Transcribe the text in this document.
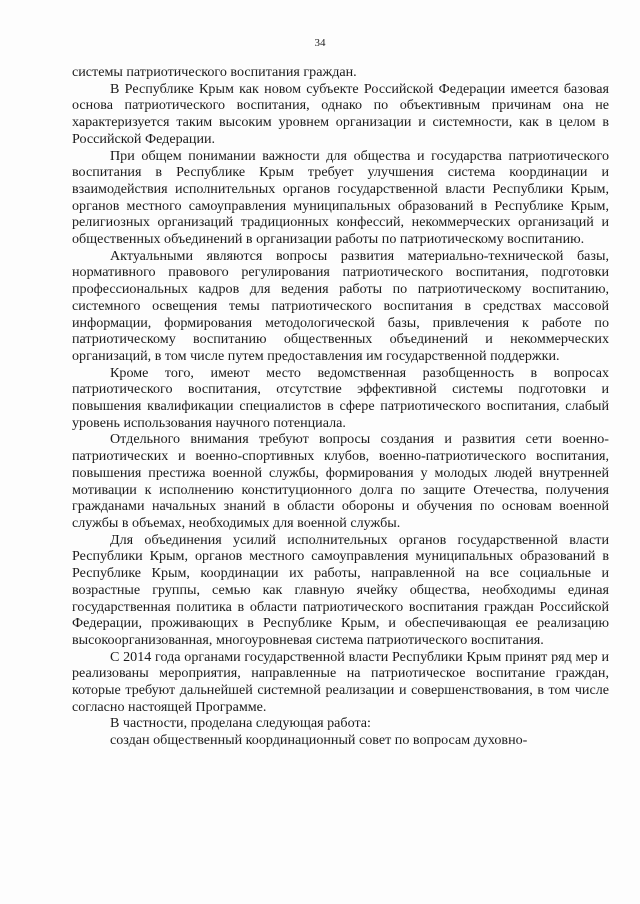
34

системы патриотического воспитания граждан.

В Республике Крым как новом субъекте Российской Федерации имеется базовая основа патриотического воспитания, однако по объективным причинам она не характеризуется таким высоким уровнем организации и системности, как в целом в Российской Федерации.

При общем понимании важности для общества и государства патриотического воспитания в Республике Крым требует улучшения система координации и взаимодействия исполнительных органов государственной власти Республики Крым, органов местного самоуправления муниципальных образований в Республике Крым, религиозных организаций традиционных конфессий, некоммерческих организаций и общественных объединений в организации работы по патриотическому воспитанию.

Актуальными являются вопросы развития материально-технической базы, нормативного правового регулирования патриотического воспитания, подготовки профессиональных кадров для ведения работы по патриотическому воспитанию, системного освещения темы патриотического воспитания в средствах массовой информации, формирования методологической базы, привлечения к работе по патриотическому воспитанию общественных объединений и некоммерческих организаций, в том числе путем предоставления им государственной поддержки.

Кроме того, имеют место ведомственная разобщенность в вопросах патриотического воспитания, отсутствие эффективной системы подготовки и повышения квалификации специалистов в сфере патриотического воспитания, слабый уровень использования научного потенциала.

Отдельного внимания требуют вопросы создания и развития сети военно-патриотических и военно-спортивных клубов, военно-патриотического воспитания, повышения престижа военной службы, формирования у молодых людей внутренней мотивации к исполнению конституционного долга по защите Отечества, получения гражданами начальных знаний в области обороны и обучения по основам военной службы в объемах, необходимых для военной службы.

Для объединения усилий исполнительных органов государственной власти Республики Крым, органов местного самоуправления муниципальных образований в Республике Крым, координации их работы, направленной на все социальные и возрастные группы, семью как главную ячейку общества, необходимы единая государственная политика в области патриотического воспитания граждан Российской Федерации, проживающих в Республике Крым, и обеспечивающая ее реализацию высокоорганизованная, многоуровневая система патриотического воспитания.

С 2014 года органами государственной власти Республики Крым принят ряд мер и реализованы мероприятия, направленные на патриотическое воспитание граждан, которые требуют дальнейшей системной реализации и совершенствования, в том числе согласно настоящей Программе.

В частности, проделана следующая работа:

создан общественный координационный совет по вопросам духовно-
